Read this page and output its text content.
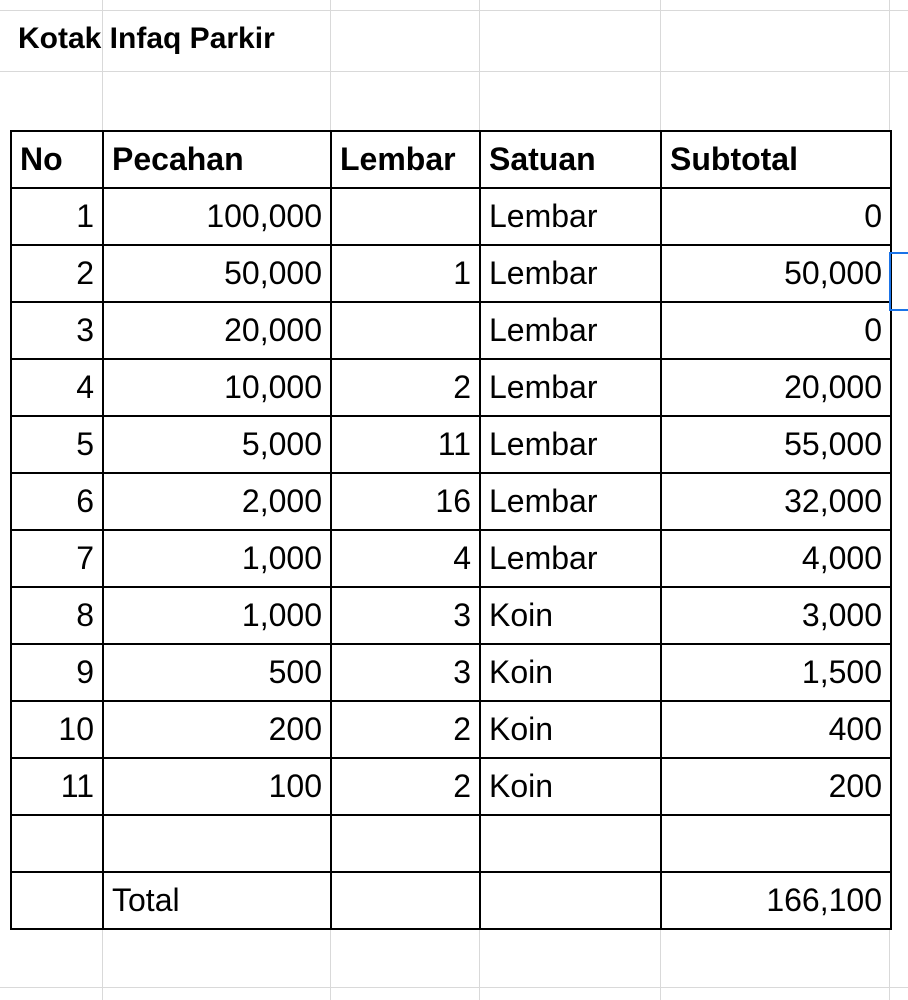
Kotak Infaq Parkir
No	Pecahan	Lembar	Satuan	Subtotal
1	100,000		Lembar	0
2	50,000	1	Lembar	50,000
3	20,000		Lembar	0
4	10,000	2	Lembar	20,000
5	5,000	11	Lembar	55,000
6	2,000	16	Lembar	32,000
7	1,000	4	Lembar	4,000
8	1,000	3	Koin	3,000
9	500	3	Koin	1,500
10	200	2	Koin	400
11	100	2	Koin	200

	Total			166,100
